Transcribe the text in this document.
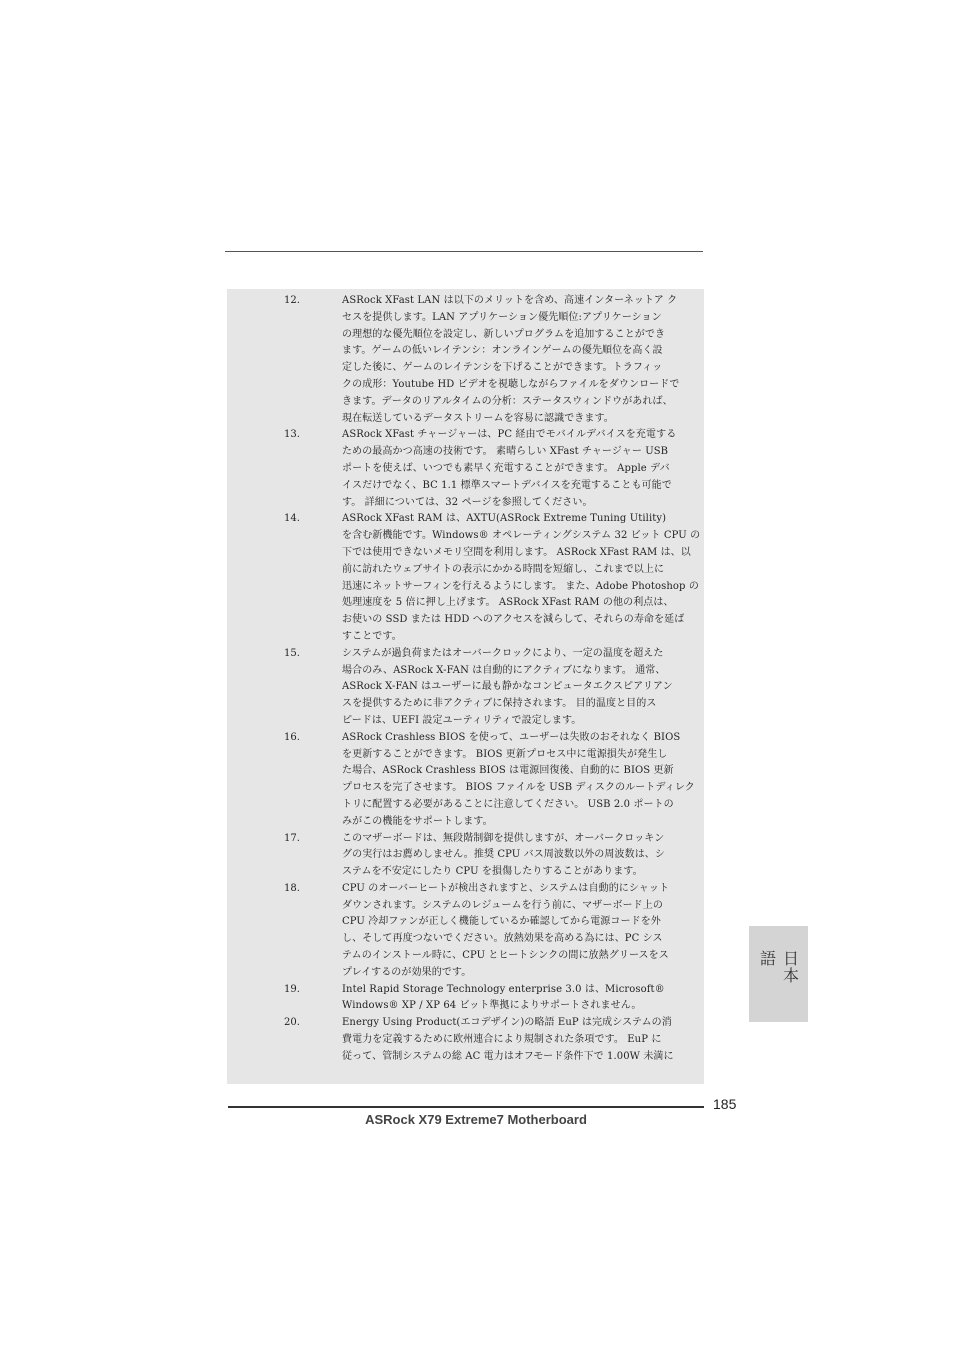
12.	ASRock XFast LAN は以下のメリットを含め、高速インターネットア ク
セスを提供します。LAN アプリケーション優先順位:アプリケーション
の理想的な優先順位を設定し、新しいプログラムを追加することができ
ます。ゲームの低いレイテンシ：オンラインゲームの優先順位を高く設
定した後に、ゲームのレイテンシを下げることができます。トラフィッ
クの成形：Youtube HD ビデオを視聴しながらファイルをダウンロードで
きます。データのリアルタイムの分析：ステータスウィンドウがあれば、
現在転送しているデータストリームを容易に認識できます。
13.	ASRock XFast チャージャーは、PC 経由でモバイルデバイスを充電する
ための最高かつ高速の技術です。 素晴らしい XFast チャージャー USB
ポートを使えば、いつでも素早く充電することができます。 Apple デバ
イスだけでなく、BC 1.1 標準スマートデバイスを充電することも可能で
す。 詳細については、32 ページを参照してください。
14.	ASRock XFast RAM は、AXTU(ASRock Extreme Tuning Utility)
を含む新機能です。Windows® オペレーティングシステム 32 ビット CPU の
下では使用できないメモリ空間を利用します。 ASRock XFast RAM は、以
前に訪れたウェブサイトの表示にかかる時間を短縮し、これまで以上に
迅速にネットサーフィンを行えるようにします。 また、Adobe Photoshop の
処理速度を 5 倍に押し上げます。 ASRock XFast RAM の他の利点は、
お使いの SSD または HDD へのアクセスを減らして、それらの寿命を延ば
すことです。
15.	システムが過負荷またはオーバークロックにより、一定の温度を超えた
場合のみ、ASRock X-FAN は自動的にアクティブになります。 通常、
ASRock X-FAN はユーザーに最も静かなコンピュータエクスピアリアン
スを提供するために非アクティブに保持されます。 目的温度と目的ス
ピードは、UEFI 設定ユーティリティで設定します。
16.	ASRock Crashless BIOS を使って、ユーザーは失敗のおそれなく BIOS
を更新することができます。 BIOS 更新プロセス中に電源損失が発生し
た場合、ASRock Crashless BIOS は電源回復後、自動的に BIOS 更新
プロセスを完了させます。 BIOS ファイルを USB ディスクのルートディレク
トリに配置する必要があることに注意してください。 USB 2.0 ポートの
みがこの機能をサポートします。
17.	このマザーボードは、無段階制御を提供しますが、オーバークロッキン
グの実行はお薦めしません。推奨 CPU バス周波数以外の周波数は、シ
ステムを不安定にしたり CPU を損傷したりすることがあります。
18.	CPU のオーバーヒートが検出されますと、システムは自動的にシャット
ダウンされます。システムのレジュームを行う前に、マザーボード上の
CPU 冷却ファンが正しく機能しているか確認してから電源コードを外
し、そして再度つないでください。放熱効果を高める為には、PC シス
テムのインストール時に、CPU とヒートシンクの間に放熱グリースをス
プレイするのが効果的です。
19.	Intel Rapid Storage Technology enterprise 3.0 は、Microsoft®
Windows® XP / XP 64 ビット準拠によりサポートされません。
20.	Energy Using Product(エコデザイン)の略語 EuP は完成システムの消
費電力を定義するために欧州連合により規制された条項です。 EuP に
従って、管制システムの総 AC 電力はオフモード条件下で 1.00W 未満に
日本語
185
ASRock X79 Extreme7 Motherboard
